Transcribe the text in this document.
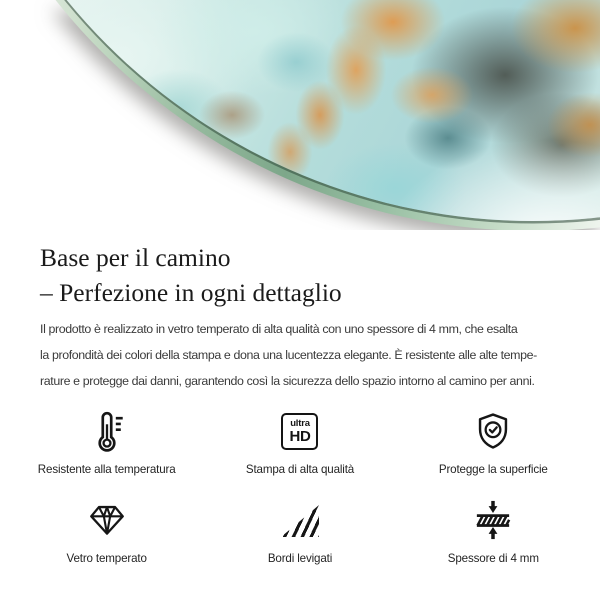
Base per il camino
– Perfezione in ogni dettaglio

Il prodotto è realizzato in vetro temperato di alta qualità con uno spessore di 4 mm, che esalta

la profondità dei colori della stampa e dona una lucentezza elegante. È resistente alle alte tempe-

rature e protegge dai danni, garantendo così la sicurezza dello spazio intorno al camino per anni.

Resistente alla temperatura
ultra
HD
Stampa di alta qualità	Protegge la superficie
Vetro temperato	Bordi levigati	Spessore di 4 mm
